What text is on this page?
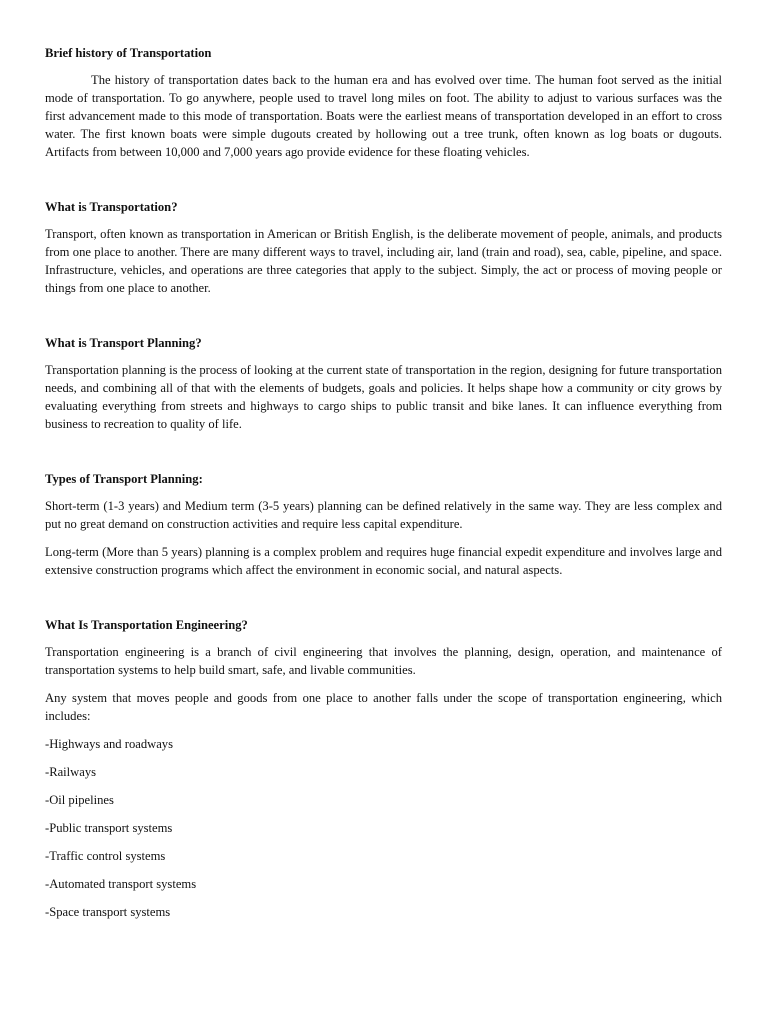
Brief history of Transportation

The history of transportation dates back to the human era and has evolved over time. The human foot served as the initial mode of transportation. To go anywhere, people used to travel long miles on foot. The ability to adjust to various surfaces was the first advancement made to this mode of transportation. Boats were the earliest means of transportation developed in an effort to cross water. The first known boats were simple dugouts created by hollowing out a tree trunk, often known as log boats or dugouts. Artifacts from between 10,000 and 7,000 years ago provide evidence for these floating vehicles.

What is Transportation?

Transport, often known as transportation in American or British English, is the deliberate movement of people, animals, and products from one place to another. There are many different ways to travel, including air, land (train and road), sea, cable, pipeline, and space. Infrastructure, vehicles, and operations are three categories that apply to the subject. Simply, the act or process of moving people or things from one place to another.

What is Transport Planning?

Transportation planning is the process of looking at the current state of transportation in the region, designing for future transportation needs, and combining all of that with the elements of budgets, goals and policies. It helps shape how a community or city grows by evaluating everything from streets and highways to cargo ships to public transit and bike lanes. It can influence everything from business to recreation to quality of life.

Types of Transport Planning:

Short-term (1-3 years) and Medium term (3-5 years) planning can be defined relatively in the same way. They are less complex and put no great demand on construction activities and require less capital expenditure.

Long-term (More than 5 years) planning is a complex problem and requires huge financial expedit expenditure and involves large and extensive construction programs which affect the environment in economic social, and natural aspects.

What Is Transportation Engineering?

Transportation engineering is a branch of civil engineering that involves the planning, design, operation, and maintenance of transportation systems to help build smart, safe, and livable communities.

Any system that moves people and goods from one place to another falls under the scope of transportation engineering, which includes:

-Highways and roadways
-Railways
-Oil pipelines
-Public transport systems
-Traffic control systems
-Automated transport systems
-Space transport systems
